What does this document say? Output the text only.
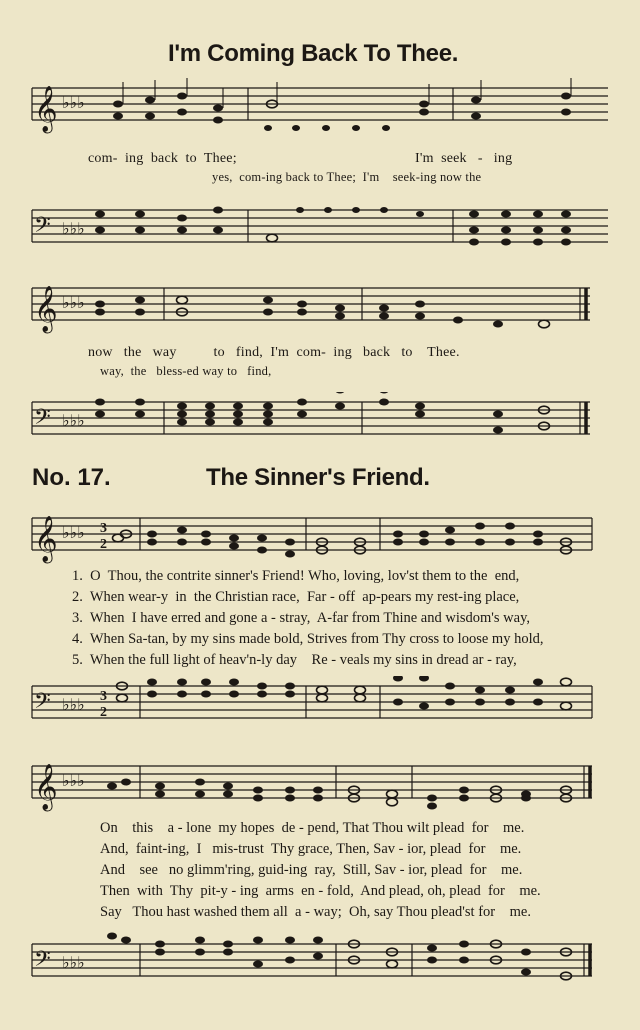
I'm Coming Back To Thee.
𝄞 ♭♭♭
com-  ing  back  to  Thee;	I'm  seek   -   ing
yes,  com-ing back to Thee;  I'm    seek-ing now the
𝄢 ♭♭♭
𝄞 ♭♭♭
now   the   way          to   find,  I'm  com-  ing   back   to    Thee.
way,  the   bless-ed way to   find,
𝄢 ♭♭♭
No. 17.	The Sinner's Friend.
𝄞 ♭♭♭ 3
2
1.  O  Thou, the contrite sinner's Friend! Who, loving, lov'st them to the  end,
2.  When wear-y  in  the Christian race,  Far - off  ap-pears my rest-ing place,
3.  When  I have erred and gone a - stray,  A-far from Thine and wisdom's way,
4.  When Sa-tan, by my sins made bold, Strives from Thy cross to loose my hold,
5.  When the full light of heav'n-ly day    Re - veals my sins in dread ar - ray,
𝄢 ♭♭♭
3
2
𝄞 ♭♭♭
On    this    a - lone  my hopes  de - pend, That Thou wilt plead  for    me.
And,  faint-ing,  I   mis-trust  Thy grace, Then, Sav - ior, plead  for    me.
And    see   no glimm'ring, guid-ing  ray,  Still, Sav - ior, plead  for    me.
Then  with  Thy  pit-y - ing  arms  en - fold,  And plead, oh, plead  for    me.
Say   Thou hast washed them all  a - way;  Oh, say Thou plead'st for    me.
𝄢 ♭♭♭
